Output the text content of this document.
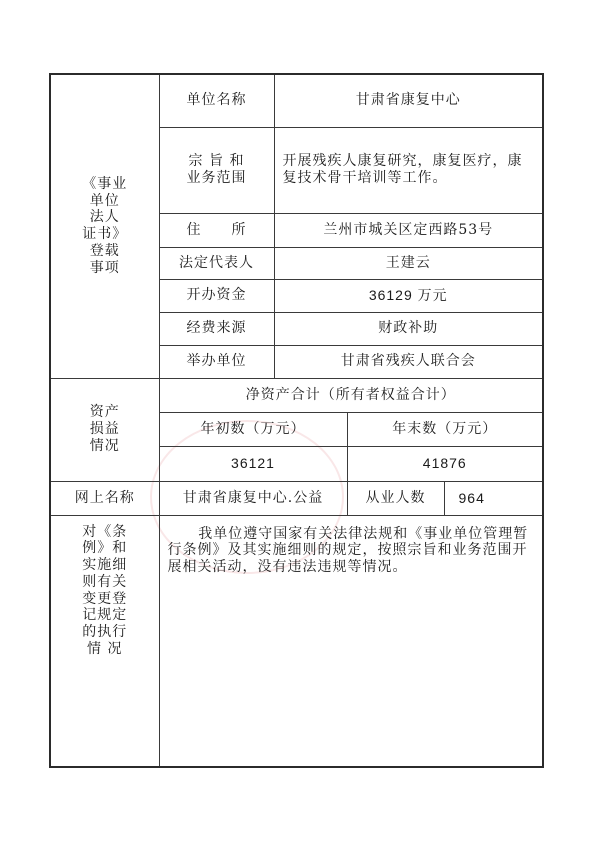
《事业
单位
法人
证书》
登载
事项
	单位名称	甘肃省康复中心

	宗 旨 和
业务范围	开展残疾人康复研究，康复医疗，康复技术骨干培训等工作。		
	住　　所	兰州市城关区定西路53号		
	法定代表人	王建云		
	开办资金	36129 万元		
	经费来源	财政补助		
	举办单位	甘肃省残疾人联合会		

资产
损益
情况	净资产合计（所有者权益合计）			
	年初数（万元）		年末数（万元）	
	36121		41876	
网上名称	甘肃省康复中心.公益		从业人数	964

对《条
例》和
实施细
则有关
变更登
记规定
的执行
情 况
	我单位遵守国家有关法律法规和《事业单位管理暂行条例》及其实施细则的规定，按照宗旨和业务范围开展相关活动，没有违法违规等情况。
